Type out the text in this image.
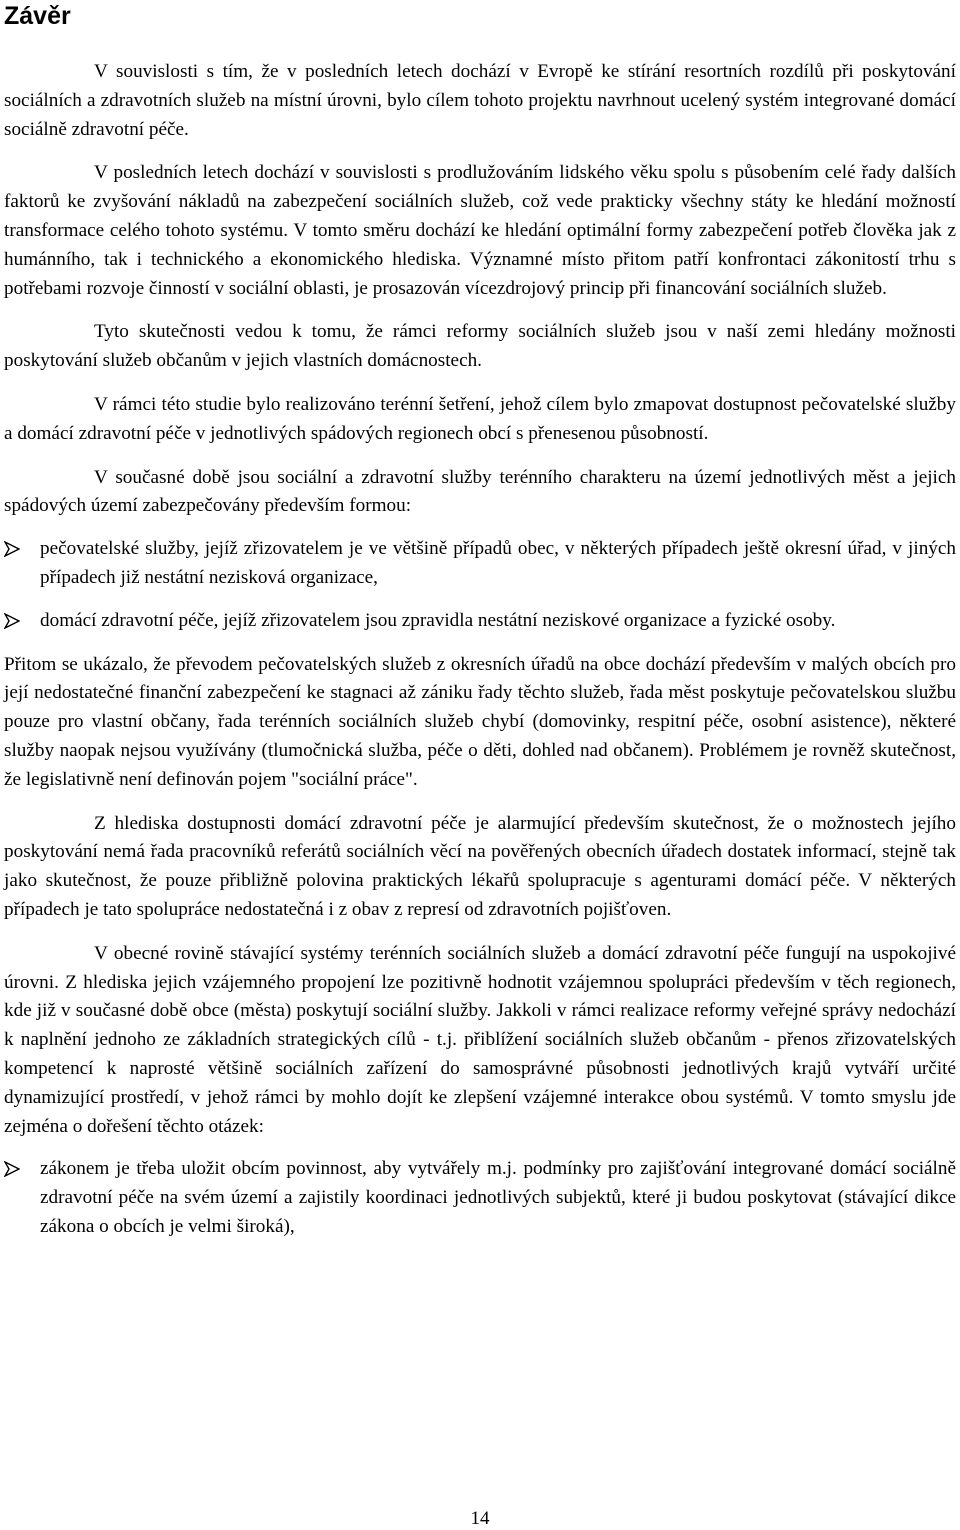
Závěr

V souvislosti s tím, že v posledních letech dochází v Evropě ke stírání resortních rozdílů při poskytování sociálních a zdravotních služeb na místní úrovni, bylo cílem tohoto projektu navrhnout ucelený systém integrované domácí sociálně zdravotní péče.

V posledních letech dochází v souvislosti s prodlužováním lidského věku spolu s působením celé řady dalších faktorů ke zvyšování nákladů na zabezpečení sociálních služeb, což vede prakticky všechny státy ke hledání možností transformace celého tohoto systému. V tomto směru dochází ke hledání optimální formy zabezpečení potřeb člověka jak z humánního, tak i technického a ekonomického hlediska. Významné místo přitom patří konfrontaci zákonitostí trhu s potřebami rozvoje činností v sociální oblasti, je prosazován vícezdrojový princip při financování sociálních služeb.

Tyto skutečnosti vedou k tomu, že rámci reformy sociálních služeb jsou v naší zemi hledány možnosti poskytování služeb občanům v jejich vlastních domácnostech.

V rámci této studie bylo realizováno terénní šetření, jehož cílem bylo zmapovat dostupnost pečovatelské služby a domácí zdravotní péče v jednotlivých spádových regionech obcí s přenesenou působností.

V současné době jsou sociální a zdravotní služby terénního charakteru na území jednotlivých měst a jejich spádových území zabezpečovány především formou:

pečovatelské služby, jejíž zřizovatelem je ve většině případů obec, v některých případech ještě okresní úřad, v jiných případech již nestátní nezisková organizace,
domácí zdravotní péče, jejíž zřizovatelem jsou zpravidla nestátní neziskové organizace a fyzické osoby.

Přitom se ukázalo, že převodem pečovatelských služeb z okresních úřadů na obce dochází především v malých obcích pro její nedostatečné finanční zabezpečení ke stagnaci až zániku řady těchto služeb, řada měst poskytuje pečovatelskou službu pouze pro vlastní občany, řada terénních sociálních služeb chybí (domovinky, respitní péče, osobní asistence), některé služby naopak nejsou využívány (tlumočnická služba, péče o děti, dohled nad občanem). Problémem je rovněž skutečnost, že legislativně není definován pojem "sociální práce".

Z hlediska dostupnosti domácí zdravotní péče je alarmující především skutečnost, že o možnostech jejího poskytování nemá řada pracovníků referátů sociálních věcí na pověřených obecních úřadech dostatek informací, stejně tak jako skutečnost, že pouze přibližně polovina praktických lékařů spolupracuje s agenturami domácí péče. V některých případech je tato spolupráce nedostatečná i z obav z represí od zdravotních pojišťoven.

V obecné rovině stávající systémy terénních sociálních služeb a domácí zdravotní péče fungují na uspokojivé úrovni. Z hlediska jejich vzájemného propojení lze pozitivně hodnotit vzájemnou spolupráci především v těch regionech, kde již v současné době obce (města) poskytují sociální služby. Jakkoli v rámci realizace reformy veřejné správy nedochází k naplnění jednoho ze základních strategických cílů - t.j. přiblížení sociálních služeb občanům - přenos zřizovatelských kompetencí k naprosté většině sociálních zařízení do samosprávné působnosti jednotlivých krajů vytváří určité dynamizující prostředí, v jehož rámci by mohlo dojít ke zlepšení vzájemné interakce obou systémů. V tomto smyslu jde zejména o dořešení těchto otázek:

zákonem je třeba uložit obcím povinnost, aby vytvářely m.j. podmínky pro zajišťování integrované domácí sociálně zdravotní péče na svém území a zajistily koordinaci jednotlivých subjektů, které ji budou poskytovat (stávající dikce zákona o obcích je velmi široká),
14
